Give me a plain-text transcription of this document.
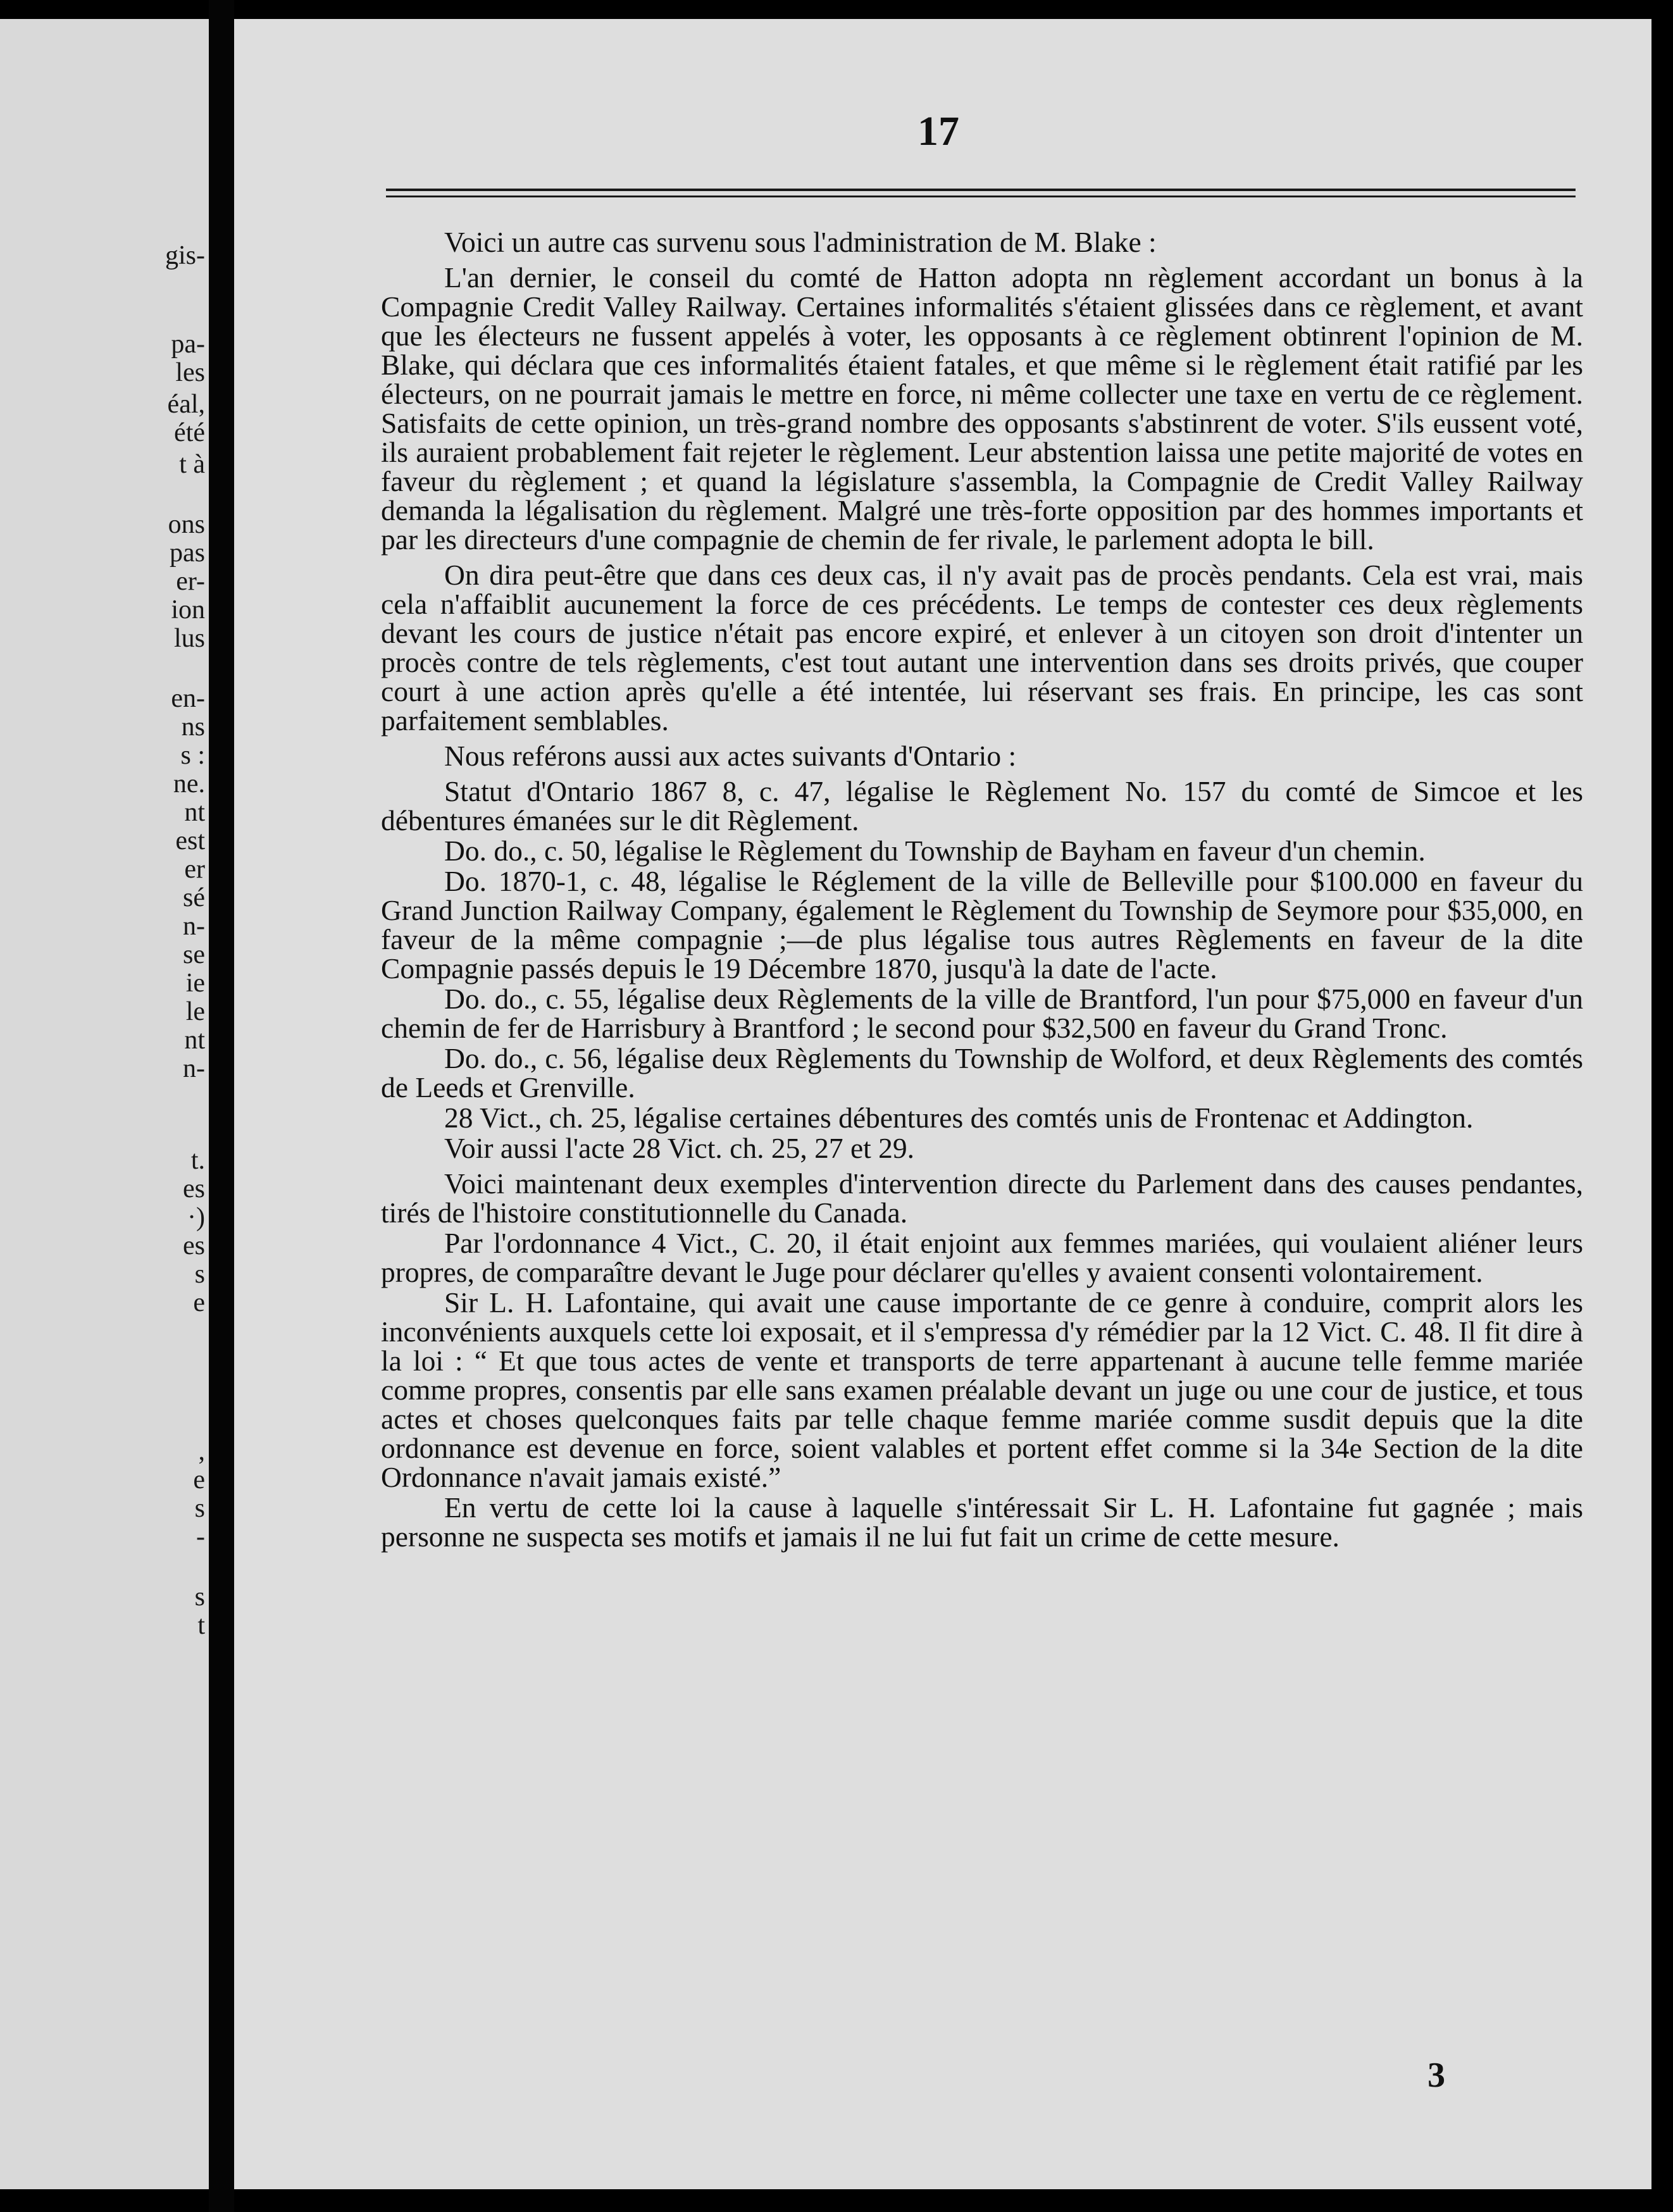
gis-
pa-
les
éal,
été
t à
ons
pas
er-
ion
lus
en-
ns
s :
ne.
nt
est
er
sé
n-
se
ie
le
nt
n-
t.
es
·)
es
s
e
,
e
s
-
s
t
17

Voici un autre cas survenu sous l'administration de M. Blake :

L'an dernier, le conseil du comté de Hatton adopta nn règlement accordant un bonus à la Compagnie Credit Valley Railway. Certaines informalités s'étaient glissées dans ce règlement, et avant que les électeurs ne fussent appelés à voter, les opposants à ce règlement obtinrent l'opinion de M. Blake, qui déclara que ces informalités étaient fatales, et que même si le règlement était ratifié par les électeurs, on ne pourrait jamais le mettre en force, ni même collecter une taxe en vertu de ce règlement. Satisfaits de cette opinion, un très-grand nombre des opposants s'abstinrent de voter. S'ils eussent voté, ils auraient probablement fait rejeter le règlement. Leur abstention laissa une petite majorité de votes en faveur du règlement ; et quand la législature s'assembla, la Compagnie de Credit Valley Railway demanda la légalisation du règlement. Malgré une très-forte opposition par des hommes importants et par les directeurs d'une compagnie de chemin de fer rivale, le parlement adopta le bill.

On dira peut-être que dans ces deux cas, il n'y avait pas de procès pendants. Cela est vrai, mais cela n'affaiblit aucunement la force de ces précédents. Le temps de contester ces deux règlements devant les cours de justice n'était pas encore expiré, et enlever à un citoyen son droit d'intenter un procès contre de tels règlements, c'est tout autant une intervention dans ses droits privés, que couper court à une action après qu'elle a été intentée, lui réservant ses frais. En principe, les cas sont parfaitement semblables.

Nous reférons aussi aux actes suivants d'Ontario :

Statut d'Ontario 1867 8, c. 47, légalise le Règlement No. 157 du comté de Simcoe et les débentures émanées sur le dit Règlement.

Do. do., c. 50, légalise le Règlement du Township de Bayham en faveur d'un chemin.

Do. 1870-1, c. 48, légalise le Réglement de la ville de Belleville pour $100.000 en faveur du Grand Junction Railway Company, également le Règlement du Township de Seymore pour $35,000, en faveur de la même compagnie ;—de plus légalise tous autres Règlements en faveur de la dite Compagnie passés depuis le 19 Décembre 1870, jusqu'à la date de l'acte.

Do. do., c. 55, légalise deux Règlements de la ville de Brantford, l'un pour $75,000 en faveur d'un chemin de fer de Harrisbury à Brantford ; le second pour $32,500 en faveur du Grand Tronc.

Do. do., c. 56, légalise deux Règlements du Township de Wolford, et deux Règlements des comtés de Leeds et Grenville.

28 Vict., ch. 25, légalise certaines débentures des comtés unis de Frontenac et Addington.

Voir aussi l'acte 28 Vict. ch. 25, 27 et 29.

Voici maintenant deux exemples d'intervention directe du Parlement dans des causes pendantes, tirés de l'histoire constitutionnelle du Canada.

Par l'ordonnance 4 Vict., C. 20, il était enjoint aux femmes mariées, qui voulaient aliéner leurs propres, de comparaître devant le Juge pour déclarer qu'elles y avaient consenti volontairement.

Sir L. H. Lafontaine, qui avait une cause importante de ce genre à conduire, comprit alors les inconvénients auxquels cette loi exposait, et il s'empressa d'y rémédier par la 12 Vict. C. 48. Il fit dire à la loi : “ Et que tous actes de vente et transports de terre appartenant à aucune telle femme mariée comme propres, consentis par elle sans examen préalable devant un juge ou une cour de justice, et tous actes et choses quelconques faits par telle chaque femme mariée comme susdit depuis que la dite ordonnance est devenue en force, soient valables et portent effet comme si la 34e Section de la dite Ordonnance n'avait jamais existé.”

En vertu de cette loi la cause à laquelle s'intéressait Sir L. H. Lafontaine fut gagnée ; mais personne ne suspecta ses motifs et jamais il ne lui fut fait un crime de cette mesure.

3
